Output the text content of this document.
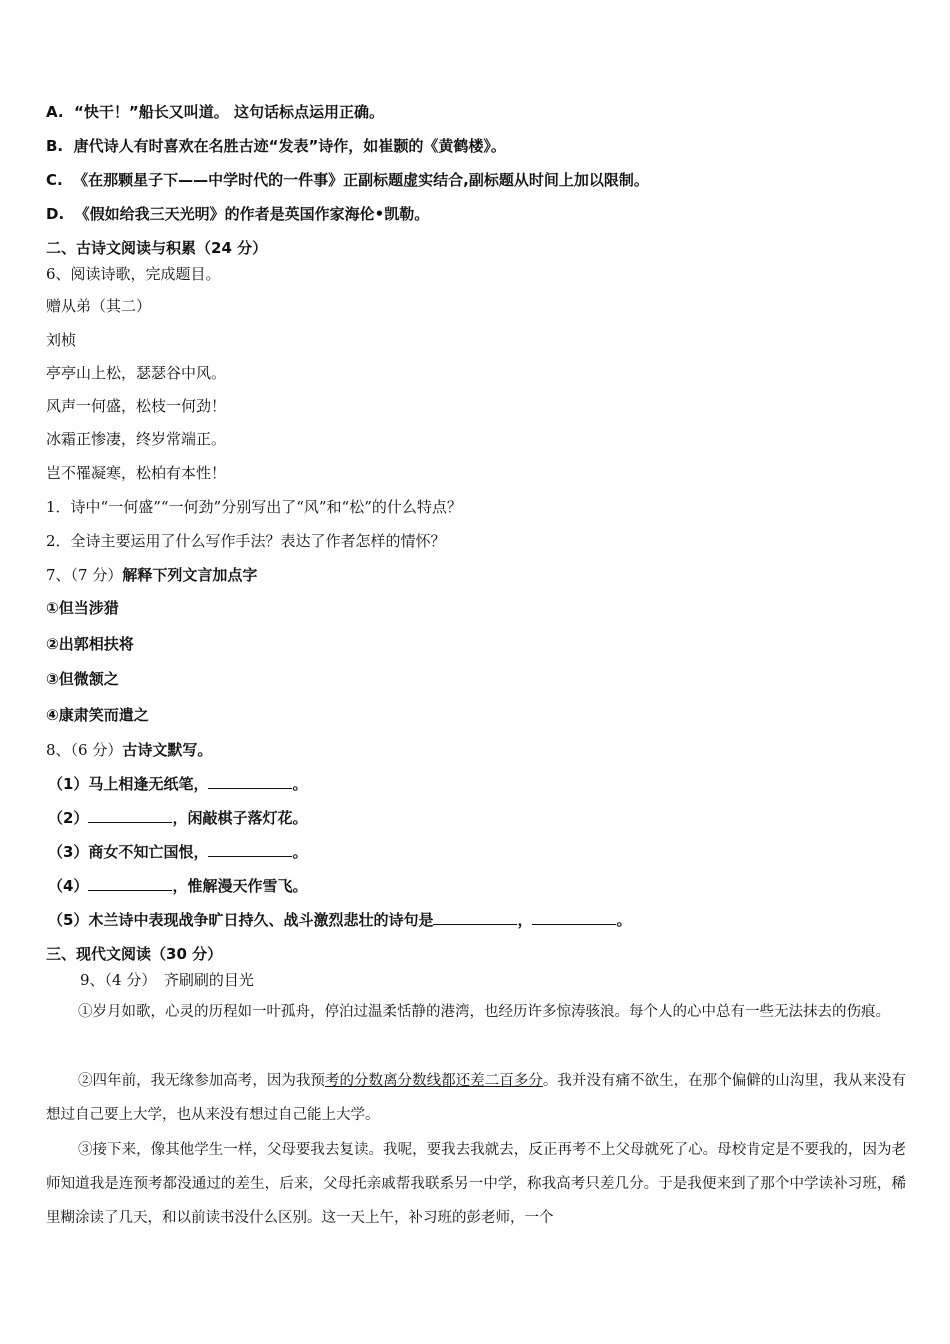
A. “快干！”船长又叫道。 这句话标点运用正确。
B. 唐代诗人有时喜欢在名胜古迹“发表”诗作，如崔颢的《黄鹤楼》。
C. 《在那颗星子下——中学时代的一件事》正副标题虚实结合,副标题从时间上加以限制。
D. 《假如给我三天光明》的作者是英国作家海伦•凯勒。
二、古诗文阅读与积累（24 分）
6、阅读诗歌，完成题目。
赠从弟（其二）
刘桢
亭亭山上松，瑟瑟谷中风。
风声一何盛，松枝一何劲！
冰霜正惨凄，终岁常端正。
岂不罹凝寒，松柏有本性！
1．诗中“一何盛”“一何劲”分别写出了“风”和“松”的什么特点？
2．全诗主要运用了什么写作手法？表达了作者怎样的情怀？
7、（7 分）解释下列文言加点字
①但当涉猎
②出郭相扶将
③但微颔之
④康肃笑而遣之
8、（6 分）古诗文默写。
（1）马上相逢无纸笔，	。
（2）	，闲敲棋子落灯花。
（3）商女不知亡国恨，	。
（4）	，惟解漫天作雪飞。
（5）木兰诗中表现战争旷日持久、战斗激烈悲壮的诗句是	，	。
三、现代文阅读（30 分）
9、（4 分）　齐刷刷的目光
①岁月如歌，心灵的历程如一叶孤舟，停泊过温柔恬静的港湾，也经历许多惊涛骇浪。每个人的心中总有一些无法抹去的伤痕。
②四年前，我无缘参加高考，因为我预考的分数离分数线都还差二百多分。我并没有痛不欲生，在那个偏僻的山沟里，我从来没有想过自己要上大学，也从来没有想过自己能上大学。
③接下来，像其他学生一样，父母要我去复读。我呢，要我去我就去，反正再考不上父母就死了心。母校肯定是不要我的，因为老师知道我是连预考都没通过的差生，后来，父母托亲戚帮我联系另一中学，称我高考只差几分。于是我便来到了那个中学读补习班，稀里糊涂读了几天，和以前读书没什么区别。这一天上午，补习班的彭老师，一个
